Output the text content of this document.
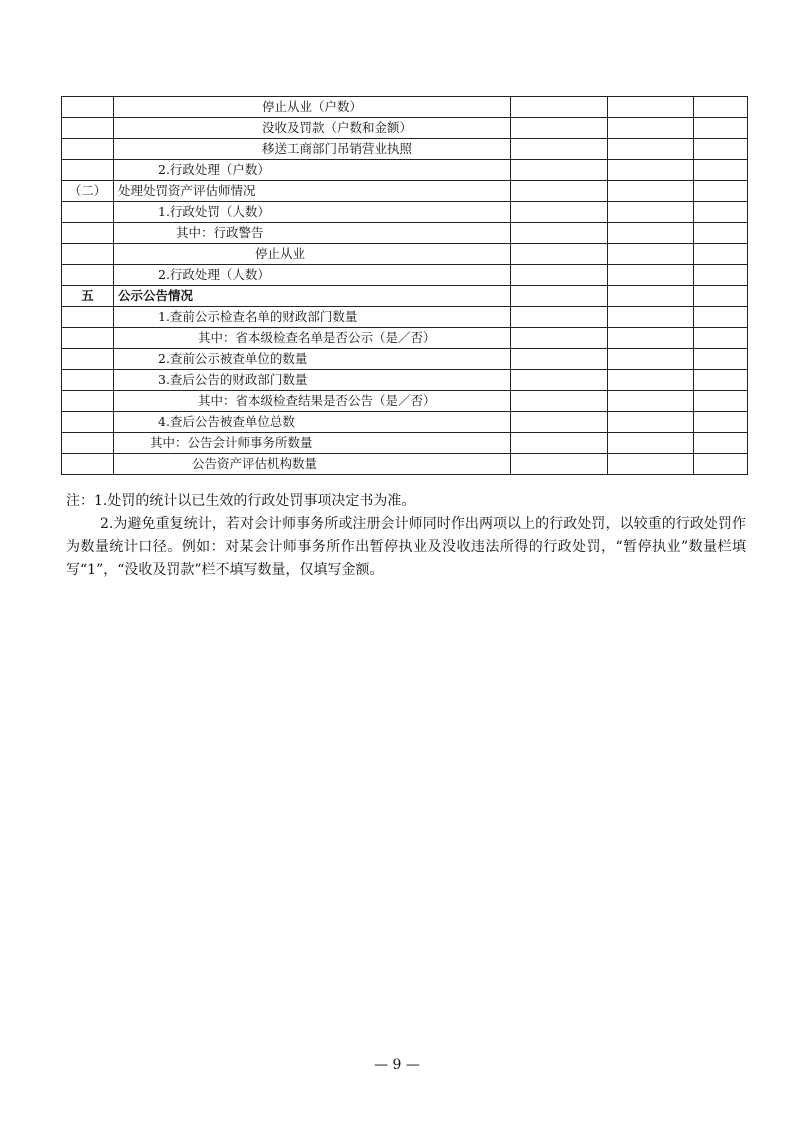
	停止从业（户数）			
	没收及罚款（户数和金额）			
	移送工商部门吊销营业执照			
	2.行政处理（户数）			
（二）	处理处罚资产评估师情况			
	1.行政处罚（人数）			
	其中：行政警告			
	停止从业			
	2.行政处理（人数）			
五	公示公告情况			
	1.查前公示检查名单的财政部门数量			
	其中：省本级检查名单是否公示（是／否）			
	2.查前公示被查单位的数量			
	3.查后公告的财政部门数量			
	其中：省本级检查结果是否公告（是／否）			
	4.查后公告被查单位总数			
	其中：公告会计师事务所数量			
	公告资产评估机构数量			

注：1.处罚的统计以已生效的行政处罚事项决定书为准。

2.为避免重复统计，若对会计师事务所或注册会计师同时作出两项以上的行政处罚，以较重的行政处罚作为数量统计口径。例如：对某会计师事务所作出暂停执业及没收违法所得的行政处罚，“暂停执业”数量栏填写“1”，“没收及罚款”栏不填写数量，仅填写金额。

— 9 —
